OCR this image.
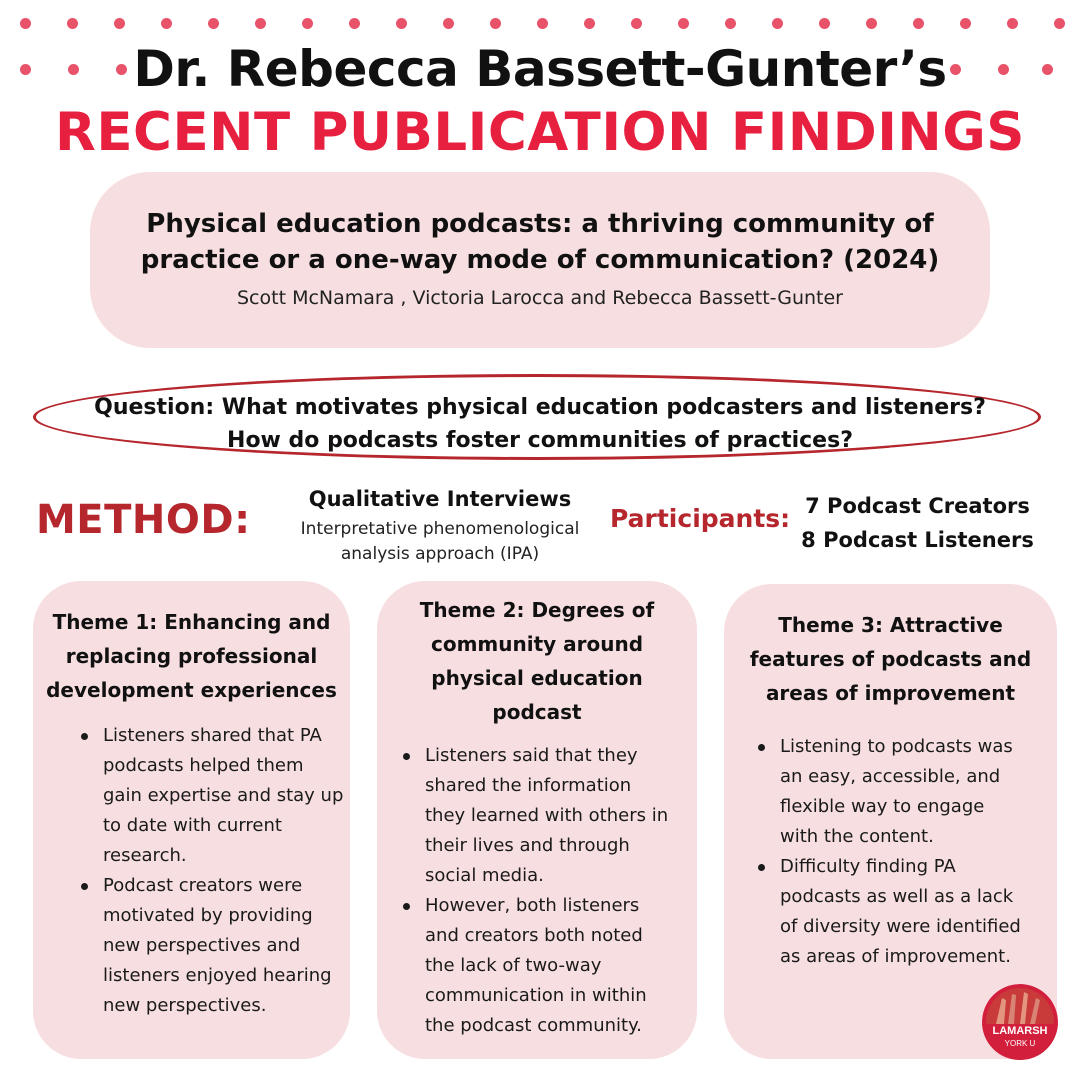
Dr. Rebecca Bassett-Gunter’s
RECENT PUBLICATION FINDINGS
Physical education podcasts: a thriving community of
practice or a one-way mode of communication? (2024)
Scott McNamara , Victoria Larocca and Rebecca Bassett-Gunter
Question: What motivates physical education podcasters and listeners?
How do podcasts foster communities of practices?
METHOD:	Qualitative Interviews
Interpretative phenomenological
analysis approach (IPA)
Participants: 7 Podcast Creators
8 Podcast Listeners
Theme 1: Enhancing and
replacing professional
development experiences
Listeners shared that PA
podcasts helped them
gain expertise and stay up
to date with current
research.
Podcast creators were
motivated by providing
new perspectives and
listeners enjoyed hearing
new perspectives.
Theme 2: Degrees of
community around
physical education
podcast
Listeners said that they
shared the information
they learned with others in
their lives and through
social media.
However, both listeners
and creators both noted
the lack of two-way
communication in within
the podcast community.
Theme 3: Attractive
features of podcasts and
areas of improvement
Listening to podcasts was
an easy, accessible, and
flexible way to engage
with the content.
Difficulty finding PA
podcasts as well as a lack
of diversity were identified
as areas of improvement.
LAMARSH
YORK U
